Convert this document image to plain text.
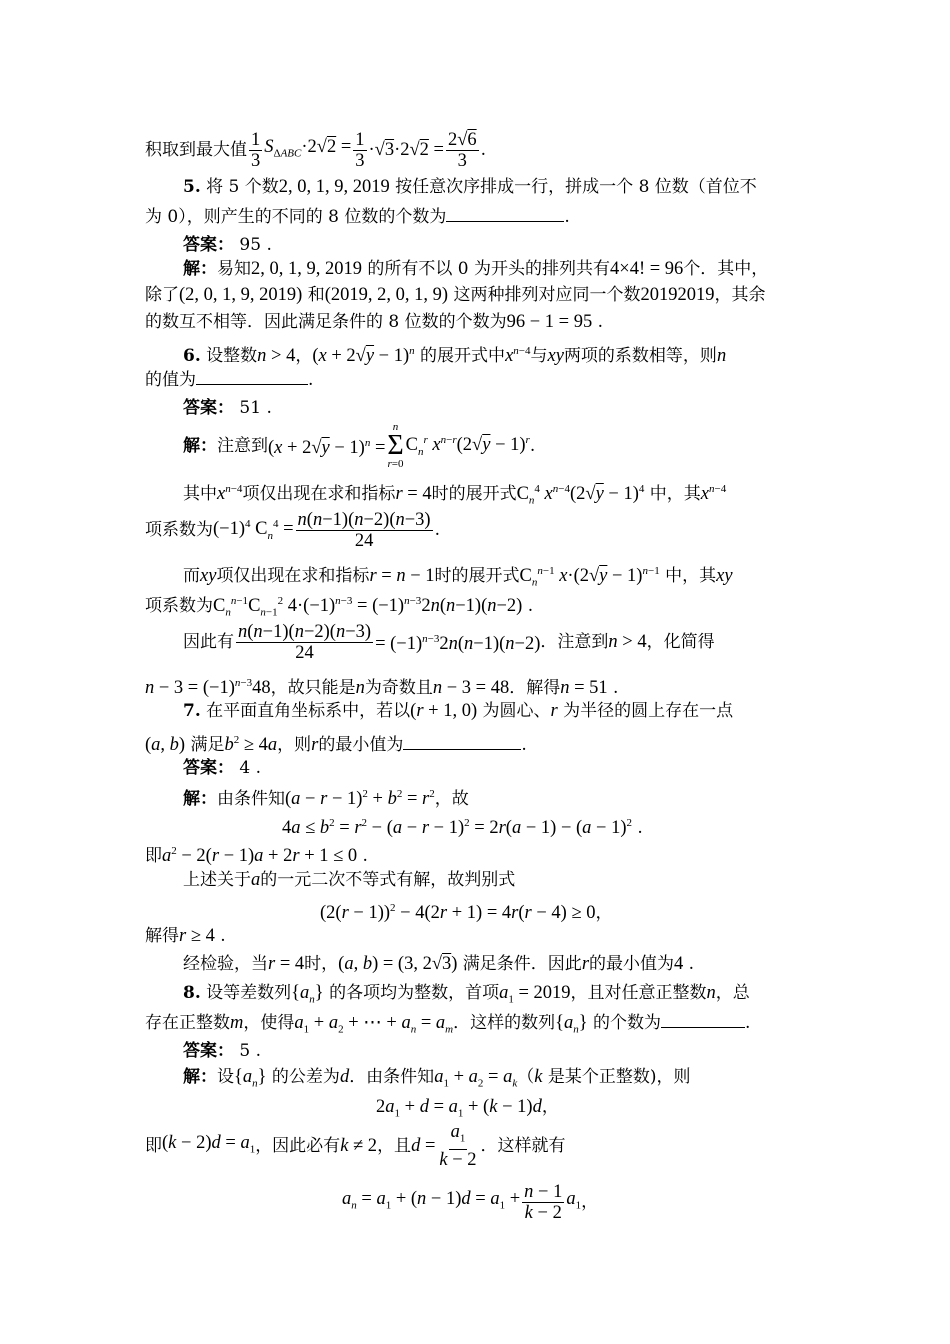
积取到最大值 $\frac{1}{3} S_{\Delta ABC}\cdot 2√2 = \frac{1}{3} \cdot√3\cdot 2√2 = \frac{2√6}{3}$ .
5. 将 5 个数2, 0, 1, 9, 2019 按任意次序排成一行，拼成一个 8 位数（首位不
为 0），则产生的不同的 8 位数的个数为	.
答案： 95 .
解：易知2, 0, 1, 9, 2019 的所有不以 0 为开头的排列共有4×4! = 96个．其中，
除了(2, 0, 1, 9, 2019) 和(2019, 2, 0, 1, 9) 这两种排列对应同一个数20192019，其余
的数互不相等．因此满足条件的 8 位数的个数为96 − 1 = 95 .
6. 设整数n > 4，$(x + 2√y - 1)^n$ 的展开式中$x^{n-4}$与xy两项的系数相等，则n
的值为	.
答案： 51 .
解： 注意到 $(x + 2√y - 1)^n$ =
n
Σ
r=0
$C_n^r$ $x^{n-r}(2√y - 1)^r$ .
其中$x^{n-4}$项仅出现在求和指标r = 4时的展开式$C_n^4$ $x^{n-4}(2√y - 1)^4$ 中，其$x^{n-4}$
项系数为 $(-1)^4$ $C_n^4 = \frac{n(n-1)(n-2)(n-3)}{24}$ .
而xy项仅出现在求和指标r = n − 1时的展开式$C_n^{n-1}$ $x\cdot(2√y - 1)^{n-1}$ 中，其xy
项系数为$C_n^{n-1}C_{n-1}^2$ $4\cdot(-1)^{n-3} = (-1)^{n-3}2n(n-1)(n-2)$ .
因此有 $\frac{n(n-1)(n-2)(n-3)}{24} = (-1)^{n-3}2n(n-1)(n-2)$ ．注意到 n > 4 ，化简得
$n - 3 = (-1)^{n-3}48$，故只能是n为奇数且n − 3 = 48．解得n = 51 .
7. 在平面直角坐标系中，若以(r + 1, 0) 为圆心、r 为半径的圆上存在一点
(a, b) 满足$b^2 \ge 4a$，则r的最小值为	.
答案： 4 .
解：由条件知$(a - r - 1)^2 + b^2 = r^2$，故
$4a \le b^2 = r^2 - (a - r - 1)^2 = 2r(a - 1) - (a - 1)^2$ .
即$a^2 - 2(r - 1)a + 2r + 1 \le 0$ .
上述关于a的一元二次不等式有解，故判别式
$(2(r - 1))^2 - 4(2r + 1) = 4r(r - 4) \ge 0$，
解得r ≥ 4 .
经检验，当r = 4时，(a, b) = (3, 2√3) 满足条件．因此r的最小值为4 .
8. 设等差数列$\{a_n\}$ 的各项均为整数，首项$a_1 = 2019$，且对任意正整数n，总
存在正整数m，使得$a_1 + a_2$ + ⋯ + $a_n = a_m$．这样的数列$\{a_n\}$ 的个数为	.
答案： 5 .
解：设$\{a_n\}$ 的公差为d．由条件知$a_1 + a_2 = a_k(k$ 是某个正整数)，则
$2a_1 + d = a_1 + (k - 1)d$，
即 $(k - 2)d = a_1$ ，因此必有 k ≠ 2 ，且 $d = \frac{a_1}{k - 2}$ ．这样就有
$a_n = a_1 + (n - 1)d = a_1 + \frac{n - 1}{k - 2} a_1$ ，
